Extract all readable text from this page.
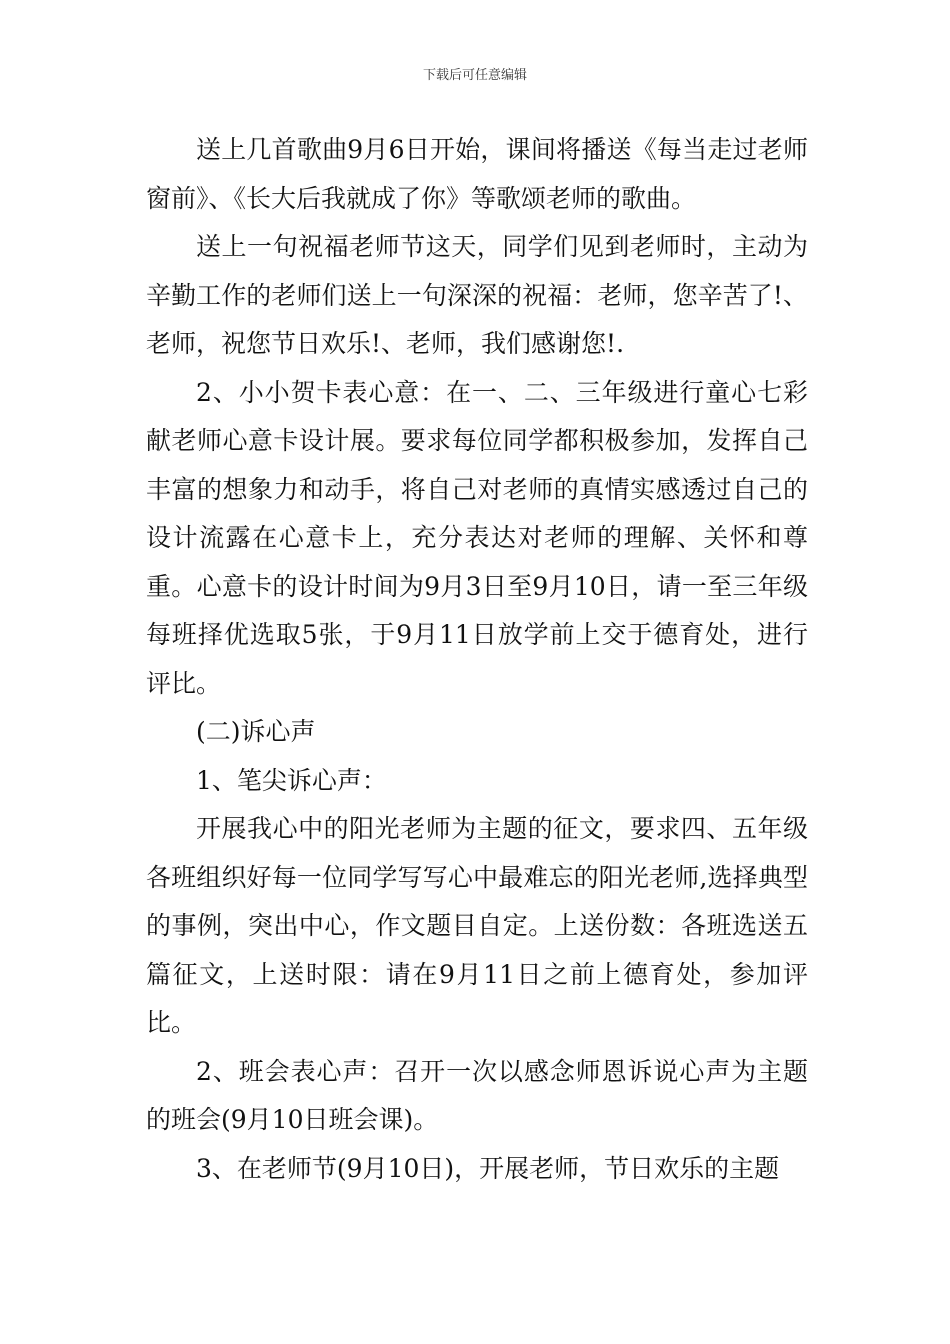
下载后可任意编辑

送上几首歌曲9月6日开始，课间将播送《每当走过老师窗前》、《长大后我就成了你》等歌颂老师的歌曲。

送上一句祝福老师节这天，同学们见到老师时，主动为辛勤工作的老师们送上一句深深的祝福：老师，您辛苦了!、老师，祝您节日欢乐!、老师，我们感谢您!.

2、小小贺卡表心意：在一、二、三年级进行童心七彩献老师心意卡设计展。要求每位同学都积极参加，发挥自己丰富的想象力和动手，将自己对老师的真情实感透过自己的设计流露在心意卡上，充分表达对老师的理解、关怀和尊重。心意卡的设计时间为9月3日至9月10日，请一至三年级每班择优选取5张，于9月11日放学前上交于德育处，进行评比。

(二)诉心声

1、笔尖诉心声：

开展我心中的阳光老师为主题的征文，要求四、五年级各班组织好每一位同学写写心中最难忘的阳光老师,选择典型的事例，突出中心，作文题目自定。上送份数：各班选送五篇征文，上送时限：请在9月11日之前上德育处，参加评比。

2、班会表心声：召开一次以感念师恩诉说心声为主题的班会(9月10日班会课)。

3、在老师节(9月10日)，开展老师，节日欢乐的主题
